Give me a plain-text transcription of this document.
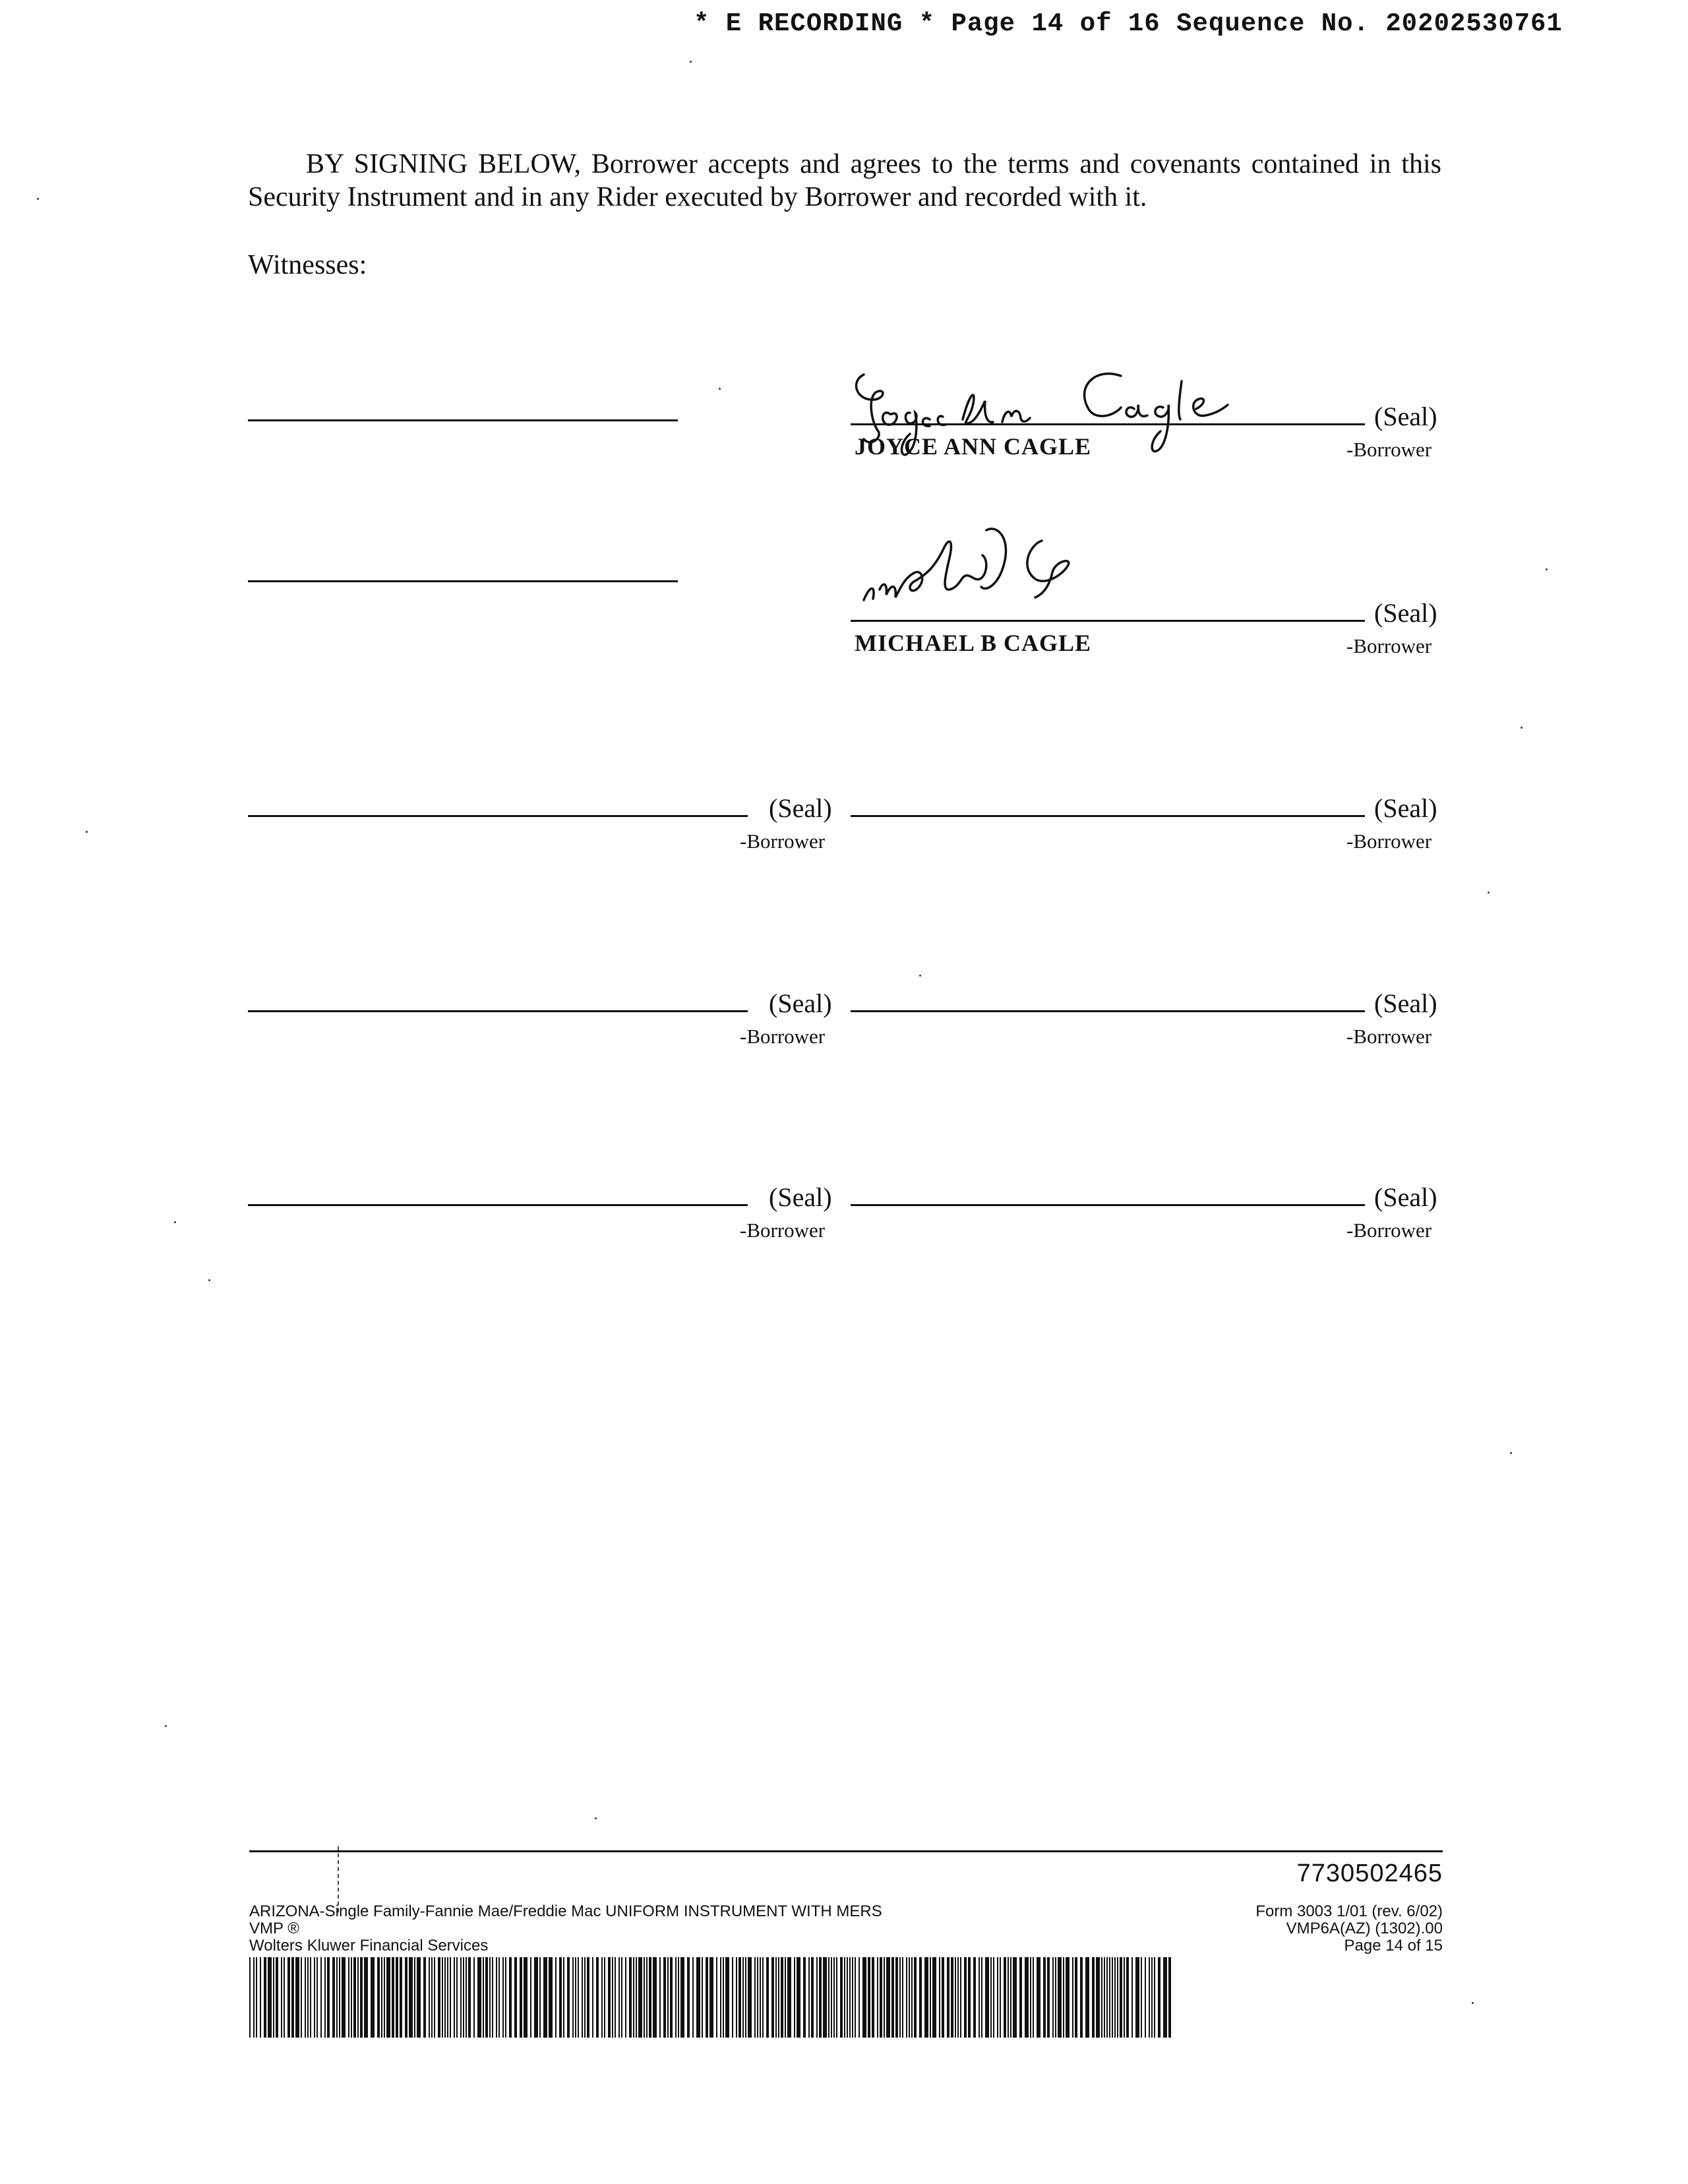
* E RECORDING * Page 14 of 16 Sequence No. 20202530761
BY SIGNING BELOW, Borrower accepts and agrees to the terms and covenants contained in this Security Instrument and in any Rider executed by Borrower and recorded with it.
Witnesses:
(Seal)
JOYCE ANN CAGLE	-Borrower
(Seal)
MICHAEL B CAGLE	-Borrower
(Seal)
-Borrower
(Seal)
-Borrower
(Seal)
-Borrower
(Seal)
-Borrower
(Seal)
-Borrower
(Seal)
-Borrower
7730502465
ARIZONA-Single Family-Fannie Mae/Freddie Mac UNIFORM INSTRUMENT WITH MERS
VMP ®
Wolters Kluwer Financial Services
Form 3003 1/01 (rev. 6/02)
VMP6A(AZ) (1302).00
Page 14 of 15
